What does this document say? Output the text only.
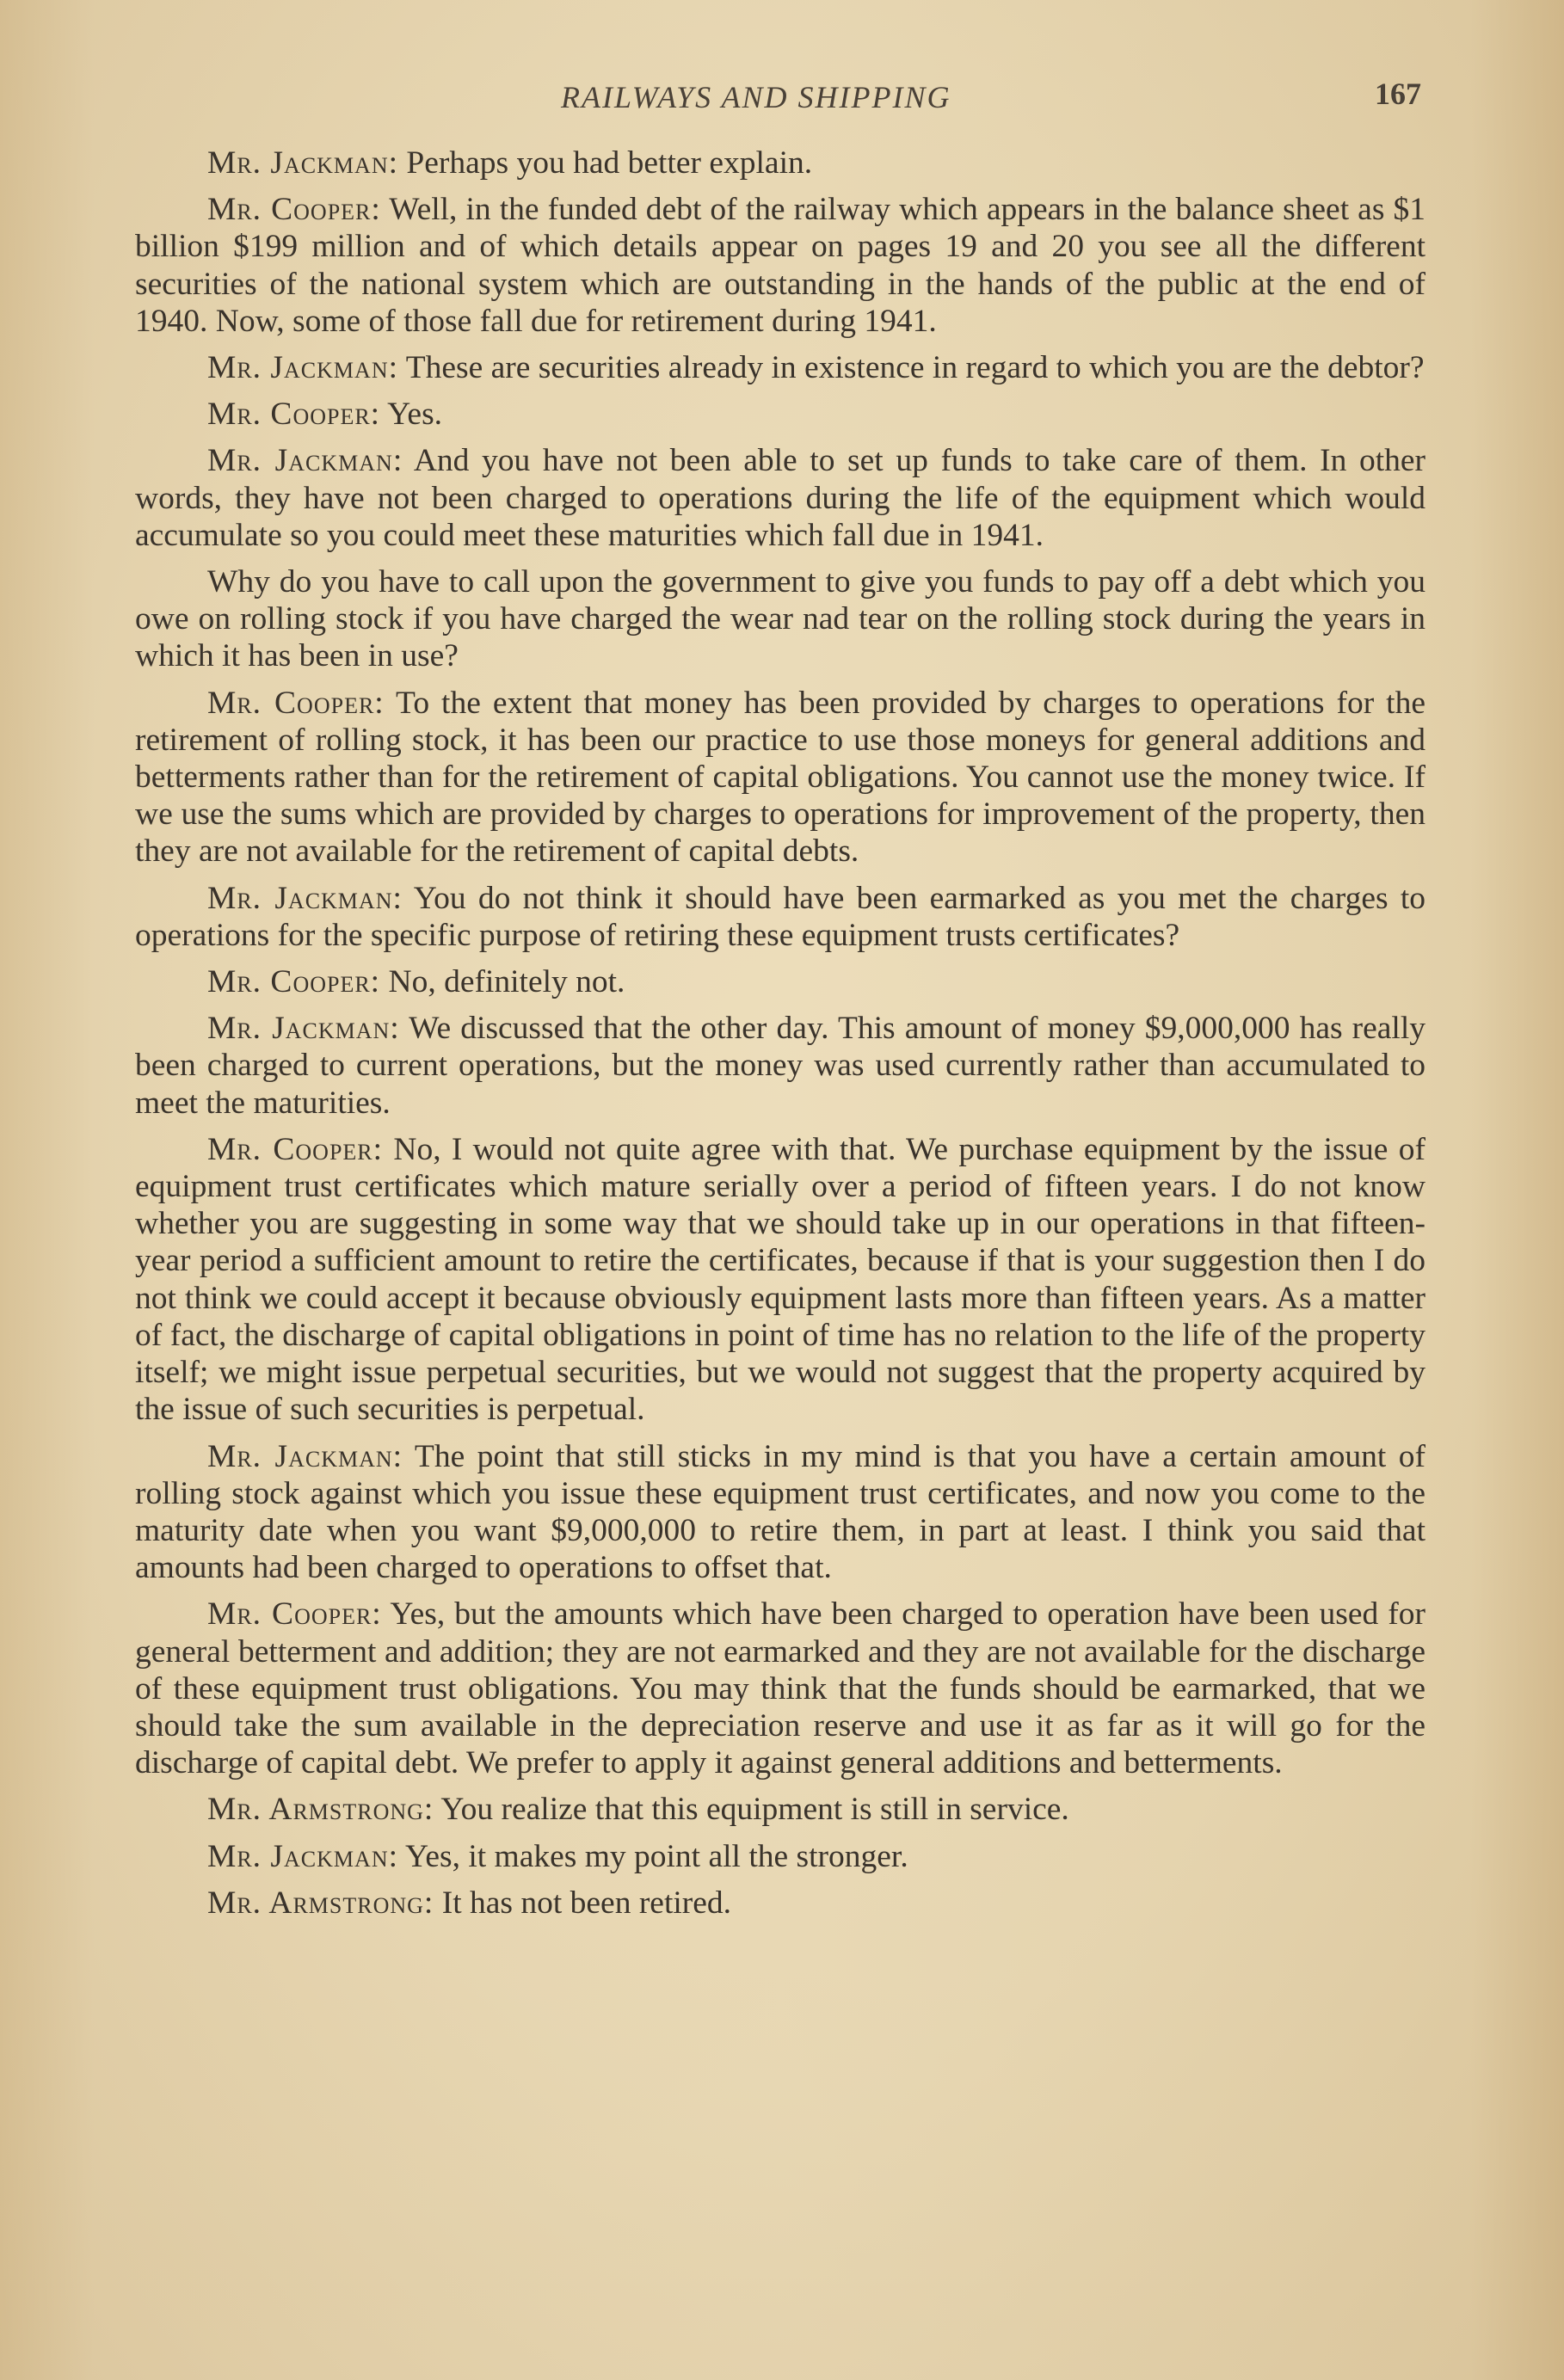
RAILWAYS AND SHIPPING	167

Mr. Jackman: Perhaps you had better explain.

Mr. Cooper: Well, in the funded debt of the railway which appears in the balance sheet as $1 billion $199 million and of which details appear on pages 19 and 20 you see all the different securities of the national system which are outstanding in the hands of the public at the end of 1940. Now, some of those fall due for retirement during 1941.

Mr. Jackman: These are securities already in existence in regard to which you are the debtor?

Mr. Cooper: Yes.

Mr. Jackman: And you have not been able to set up funds to take care of them. In other words, they have not been charged to operations during the life of the equipment which would accumulate so you could meet these maturities which fall due in 1941.

Why do you have to call upon the government to give you funds to pay off a debt which you owe on rolling stock if you have charged the wear nad tear on the rolling stock during the years in which it has been in use?

Mr. Cooper: To the extent that money has been provided by charges to operations for the retirement of rolling stock, it has been our practice to use those moneys for general additions and betterments rather than for the retirement of capital obligations. You cannot use the money twice. If we use the sums which are provided by charges to operations for improvement of the property, then they are not available for the retirement of capital debts.

Mr. Jackman: You do not think it should have been earmarked as you met the charges to operations for the specific purpose of retiring these equipment trusts certificates?

Mr. Cooper: No, definitely not.

Mr. Jackman: We discussed that the other day. This amount of money $9,000,000 has really been charged to current operations, but the money was used currently rather than accumulated to meet the maturities.

Mr. Cooper: No, I would not quite agree with that. We purchase equipment by the issue of equipment trust certificates which mature serially over a period of fifteen years. I do not know whether you are suggesting in some way that we should take up in our operations in that fifteen-year period a sufficient amount to retire the certificates, because if that is your suggestion then I do not think we could accept it because obviously equipment lasts more than fifteen years. As a matter of fact, the discharge of capital obligations in point of time has no relation to the life of the property itself; we might issue perpetual securities, but we would not suggest that the property acquired by the issue of such securities is perpetual.

Mr. Jackman: The point that still sticks in my mind is that you have a certain amount of rolling stock against which you issue these equipment trust certificates, and now you come to the maturity date when you want $9,000,000 to retire them, in part at least. I think you said that amounts had been charged to operations to offset that.

Mr. Cooper: Yes, but the amounts which have been charged to operation have been used for general betterment and addition; they are not earmarked and they are not available for the discharge of these equipment trust obligations. You may think that the funds should be earmarked, that we should take the sum available in the depreciation reserve and use it as far as it will go for the discharge of capital debt. We prefer to apply it against general additions and betterments.

Mr. Armstrong: You realize that this equipment is still in service.

Mr. Jackman: Yes, it makes my point all the stronger.

Mr. Armstrong: It has not been retired.
